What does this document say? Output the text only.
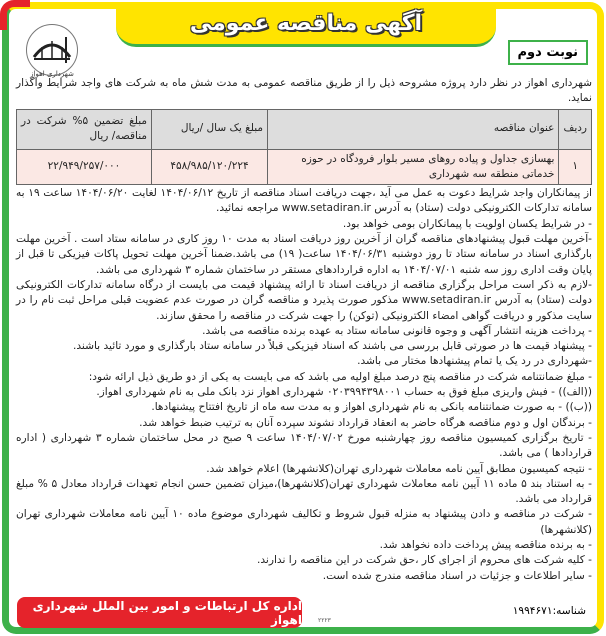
آگهی مناقصه عمومی
شهرداری اهواز
نوبت دوم

شهرداری اهواز در نظر دارد پروژه مشروحه ذیل را از طریق مناقصه عمومی به مدت شش ماه به شرکت های واجد شرایط واگذار نماید.

ردیف	عنوان مناقصه	مبلغ یک سال /ریال	مبلغ تضمین ۵% شرکت در مناقصه/ ریال
۱	بهسازی جداول و پیاده روهای مسیر بلوار فرودگاه در حوزه خدماتی منطقه سه شهرداری	۴۵۸/۹۸۵/۱۲۰/۲۲۴	۲۲/۹۴۹/۲۵۷/۰۰۰

از پیمانکاران واجد شرایط دعوت به عمل می آید ،جهت دریافت اسناد مناقصه از تاریخ ۱۴۰۴/۰۶/۱۲ لغایت ۱۴۰۴/۰۶/۲۰ ساعت ۱۹ به سامانه تدارکات الکترونیکی دولت (ستاد) به آدرس www.setadiran.ir مراجعه نمائید.

- در شرایط یکسان اولویت با پیمانکاران بومی خواهد بود.

-آخرین مهلت قبول پیشنهادهای مناقصه گران از آخرین روز دریافت اسناد به مدت ۱۰ روز کاری در سامانه ستاد است . آخرین مهلت بارگذاری اسناد در سامانه ستاد تا روز دوشنبه ۱۴۰۴/۰۶/۳۱ ساعت( ۱۹) می باشد.ضمنا آخرین مهلت تحویل پاکات فیزیکی تا قبل از پایان وقت اداری روز سه شنبه ۱۴۰۴/۰۷/۰۱ به اداره قراردادهای مستقر در ساختمان شماره ۳ شهرداری می باشد.

-لازم به ذکر است مراحل برگزاری مناقصه از دریافت اسناد تا ارائه پیشنهاد قیمت می بایست از درگاه سامانه تدارکات الکترونیکی دولت (ستاد) به آدرس www.setadiran.ir مذکور صورت پذیرد و مناقصه گران در صورت عدم عضویت قبلی مراحل ثبت نام را در سایت مذکور و دریافت گواهی امضاء الکترونیکی (توکن) را جهت شرکت در مناقصه را محقق سازند.

- پرداخت هزینه انتشار آگهی و وجوه قانونی سامانه ستاد به عهده برنده مناقصه می باشد.

- پیشنهاد قیمت ها در صورتی قابل بررسی می باشند که اسناد فیزیکی قبلاً در سامانه ستاد بارگذاری و مورد تائید باشند.

-شهرداری در رد یک یا تمام پیشنهادها مختار می باشد.

- مبلغ ضمانتنامه شرکت در مناقصه پنج درصد مبلغ اولیه می باشد که می بایست به یکی از دو طریق ذیل ارائه شود:

((الف)) - فیش واریزی مبلغ فوق به حساب ۰۲۰۳۹۹۴۳۹۸۰۰۱ شهرداری اهواز نزد بانک ملی به نام شهرداری اهواز.

((ب)) - به صورت ضمانتنامه بانکی به نام شهرداری اهواز و به مدت سه ماه از تاریخ افتتاح پیشنهادها.

- برندگان اول و دوم مناقصه هرگاه حاضر به انعقاد قرارداد نشوند سپرده آنان به ترتیب ضبط خواهد شد.

- تاریخ برگزاری کمیسیون مناقصه روز چهارشنبه مورخ ۱۴۰۴/۰۷/۰۲ ساعت ۹ صبح در محل ساختمان شماره ۳ شهرداری ( اداره قراردادها ) می باشد.

- نتیجه کمیسیون مطابق آیین نامه معاملات شهرداری تهران(کلانشهرها) اعلام خواهد شد.

- به استناد بند ۵ ماده ۱۱ آیین نامه معاملات شهرداری تهران(کلانشهرها)،میزان تضمین حسن انجام تعهدات قرارداد معادل ۵ % مبلغ قرارداد می باشد.

- شرکت در مناقصه و دادن پیشنهاد به منزله قبول شروط و تکالیف شهرداری موضوع ماده ۱۰ آیین نامه معاملات شهرداری تهران (کلانشهرها)

- به برنده مناقصه پیش پرداخت داده نخواهد شد.

- کلیه شرکت های محروم از اجرای کار ،حق شرکت در این مناقصه را ندارند.

- سایر اطلاعات و جزئیات در اسناد مناقصه مندرج شده است.

شناسه:۱۹۹۴۶۷۱
اداره کل ارتباطات و امور بین الملل شهرداری اهواز	۲۲۲۳
